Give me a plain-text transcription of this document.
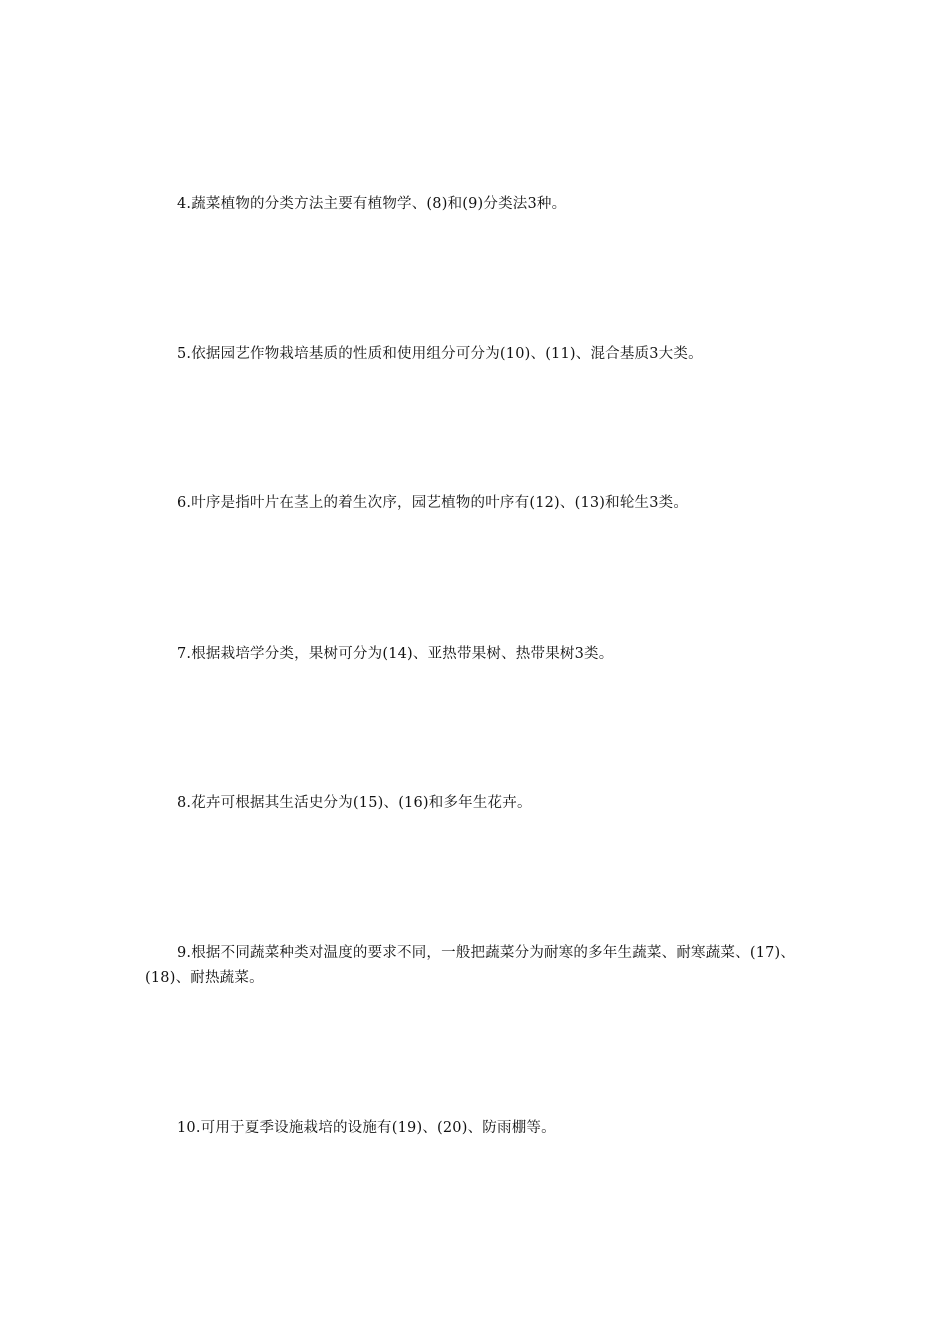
4.蔬菜植物的分类方法主要有植物学、(8)和(9)分类法3种。

5.依据园艺作物栽培基质的性质和使用组分可分为(10)、(11)、混合基质3大类。

6.叶序是指叶片在茎上的着生次序，园艺植物的叶序有(12)、(13)和轮生3类。

7.根据栽培学分类，果树可分为(14)、亚热带果树、热带果树3类。

8.花卉可根据其生活史分为(15)、(16)和多年生花卉。

9.根据不同蔬菜种类对温度的要求不同，一般把蔬菜分为耐寒的多年生蔬菜、耐寒蔬菜、(17)、(18)、耐热蔬菜。

10.可用于夏季设施栽培的设施有(19)、(20)、防雨棚等。
